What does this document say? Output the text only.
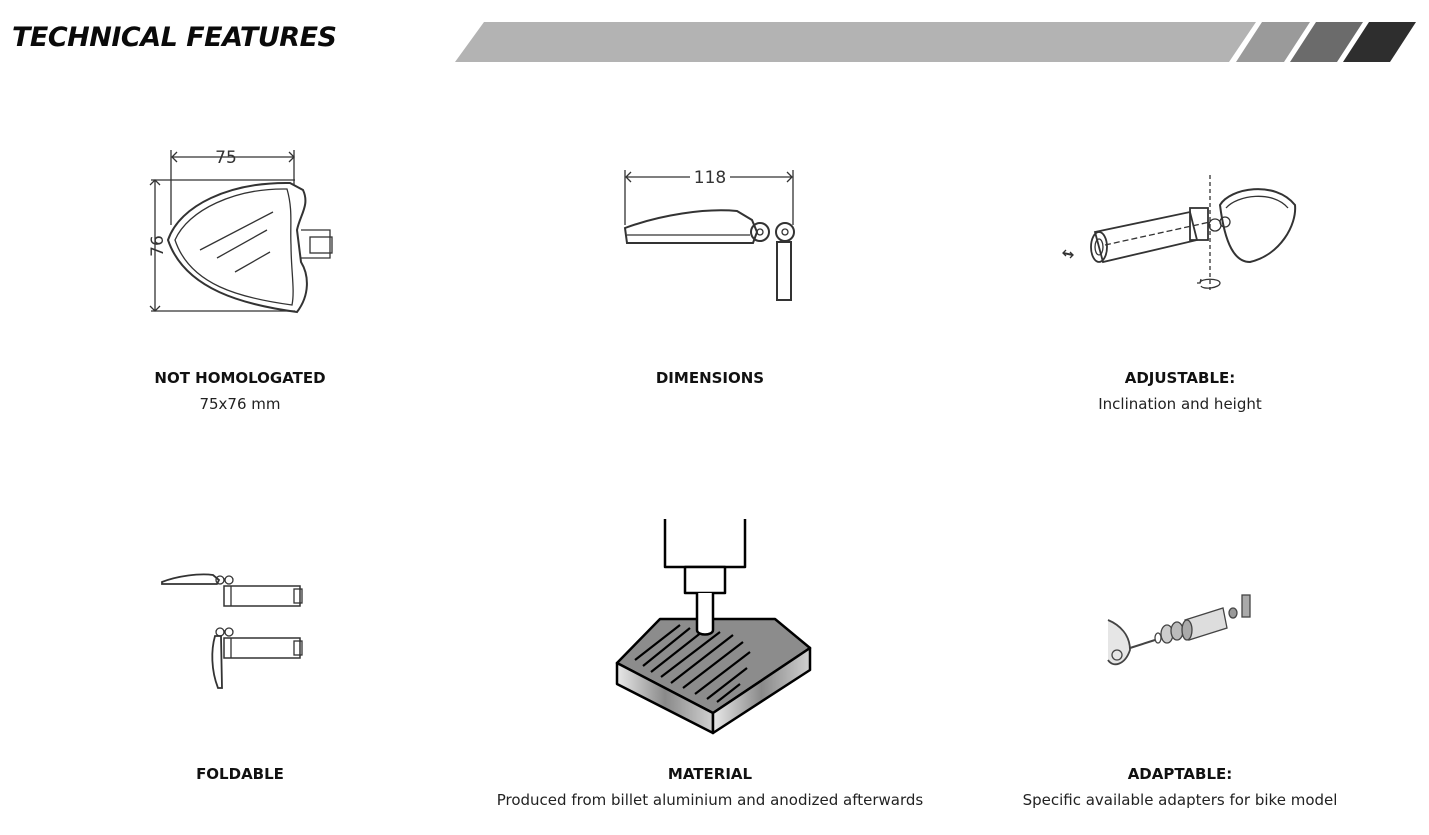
TECHNICAL FEATURES
75
76
NOT HOMOLOGATED
75x76 mm
118
DIMENSIONS	ADJUSTABLE:
Inclination and height
FOLDABLE	MATERIAL
Produced from billet aluminium and anodized afterwards
ADAPTABLE:
Specific available adapters for bike model
